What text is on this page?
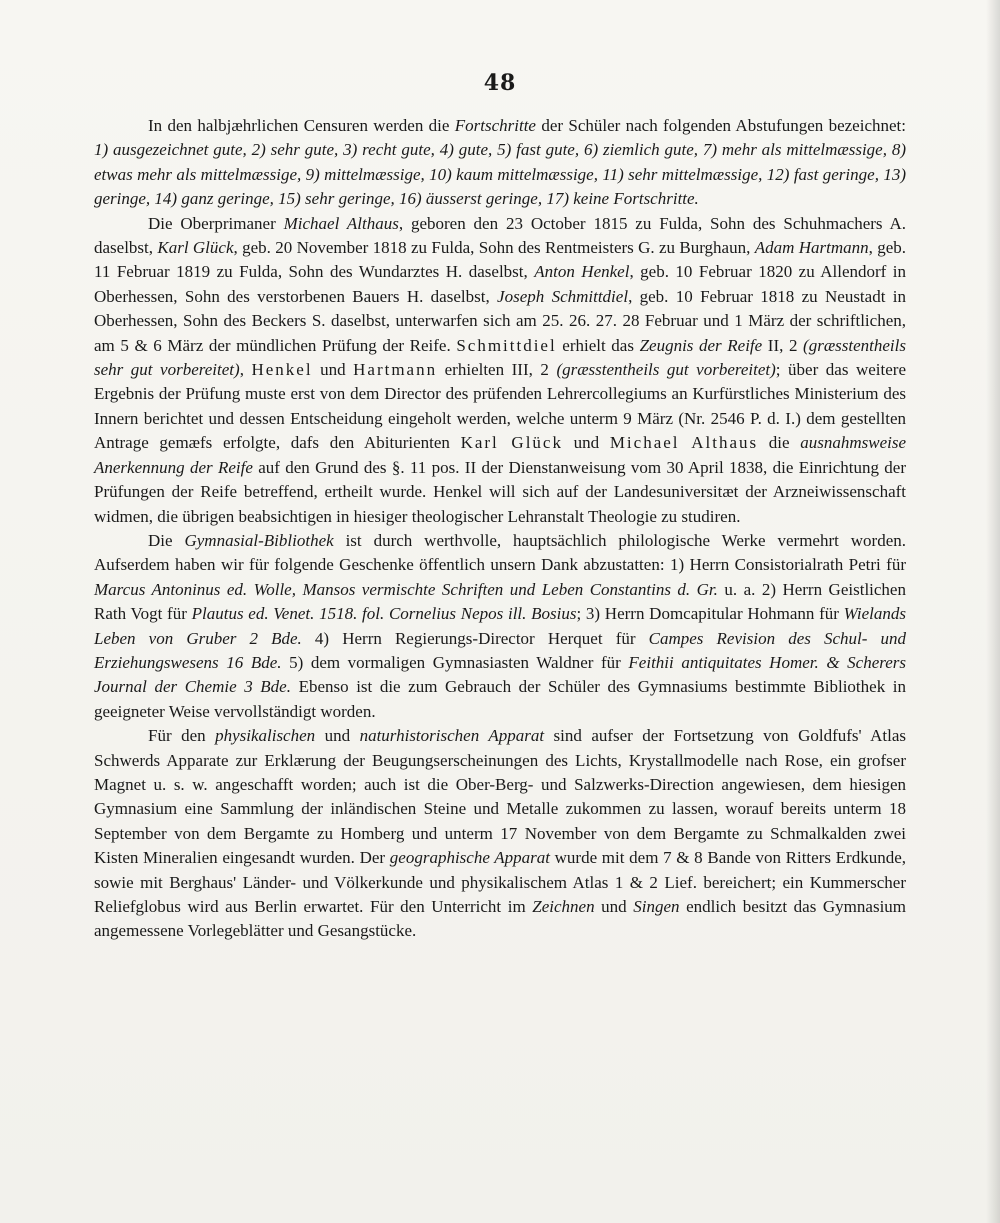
48

In den halbjæhrlichen Censuren werden die Fortschritte der Schüler nach folgenden Abstufungen bezeichnet: 1) ausgezeichnet gute, 2) sehr gute, 3) recht gute, 4) gute, 5) fast gute, 6) ziemlich gute, 7) mehr als mittelmæssige, 8) etwas mehr als mittelmæssige, 9) mittelmæssige, 10) kaum mittelmæssige, 11) sehr mittelmæssige, 12) fast geringe, 13) geringe, 14) ganz geringe, 15) sehr geringe, 16) äusserst geringe, 17) keine Fortschritte.

Die Oberprimaner Michael Althaus, geboren den 23 October 1815 zu Fulda, Sohn des Schuhmachers A. daselbst, Karl Glück, geb. 20 November 1818 zu Fulda, Sohn des Rentmeisters G. zu Burghaun, Adam Hartmann, geb. 11 Februar 1819 zu Fulda, Sohn des Wundarztes H. daselbst, Anton Henkel, geb. 10 Februar 1820 zu Allendorf in Oberhessen, Sohn des verstorbenen Bauers H. daselbst, Joseph Schmittdiel, geb. 10 Februar 1818 zu Neustadt in Oberhessen, Sohn des Beckers S. daselbst, unterwarfen sich am 25. 26. 27. 28 Februar und 1 März der schriftlichen, am 5 & 6 März der mündlichen Prüfung der Reife. Schmittdiel erhielt das Zeugnis der Reife II, 2 (græsstentheils sehr gut vorbereitet), Henkel und Hartmann erhielten III, 2 (græsstentheils gut vorbereitet); über das weitere Ergebnis der Prüfung muste erst von dem Director des prüfenden Lehrercollegiums an Kurfürstliches Ministerium des Innern berichtet und dessen Entscheidung eingeholt werden, welche unterm 9 März (Nr. 2546 P. d. I.) dem gestellten Antrage gemæfs erfolgte, dafs den Abiturienten Karl Glück und Michael Althaus die ausnahmsweise Anerkennung der Reife auf den Grund des §. 11 pos. II der Dienstanweisung vom 30 April 1838, die Einrichtung der Prüfungen der Reife betreffend, ertheilt wurde. Henkel will sich auf der Landesuniversitæt der Arzneiwissenschaft widmen, die übrigen beabsichtigen in hiesiger theologischer Lehranstalt Theologie zu studiren.

Die Gymnasial-Bibliothek ist durch werthvolle, hauptsächlich philologische Werke vermehrt worden. Aufserdem haben wir für folgende Geschenke öffentlich unsern Dank abzustatten: 1) Herrn Consistorialrath Petri für Marcus Antoninus ed. Wolle, Mansos vermischte Schriften und Leben Constantins d. Gr. u. a. 2) Herrn Geistlichen Rath Vogt für Plautus ed. Venet. 1518. fol. Cornelius Nepos ill. Bosius; 3) Herrn Domcapitular Hohmann für Wielands Leben von Gruber 2 Bde. 4) Herrn Regierungs-Director Herquet für Campes Revision des Schul- und Erziehungswesens 16 Bde. 5) dem vormaligen Gymnasiasten Waldner für Feithii antiquitates Homer. & Scherers Journal der Chemie 3 Bde. Ebenso ist die zum Gebrauch der Schüler des Gymnasiums bestimmte Bibliothek in geeigneter Weise vervollständigt worden.

Für den physikalischen und naturhistorischen Apparat sind aufser der Fortsetzung von Goldfufs' Atlas Schwerds Apparate zur Erklærung der Beugungserscheinungen des Lichts, Krystallmodelle nach Rose, ein grofser Magnet u. s. w. angeschafft worden; auch ist die Ober-Berg- und Salzwerks-Direction angewiesen, dem hiesigen Gymnasium eine Sammlung der inländischen Steine und Metalle zukommen zu lassen, worauf bereits unterm 18 September von dem Bergamte zu Homberg und unterm 17 November von dem Bergamte zu Schmalkalden zwei Kisten Mineralien eingesandt wurden. Der geographische Apparat wurde mit dem 7 & 8 Bande von Ritters Erdkunde, sowie mit Berghaus' Länder- und Völkerkunde und physikalischem Atlas 1 & 2 Lief. bereichert; ein Kummerscher Reliefglobus wird aus Berlin erwartet. Für den Unterricht im Zeichnen und Singen endlich besitzt das Gymnasium angemessene Vorlegeblätter und Gesangstücke.
